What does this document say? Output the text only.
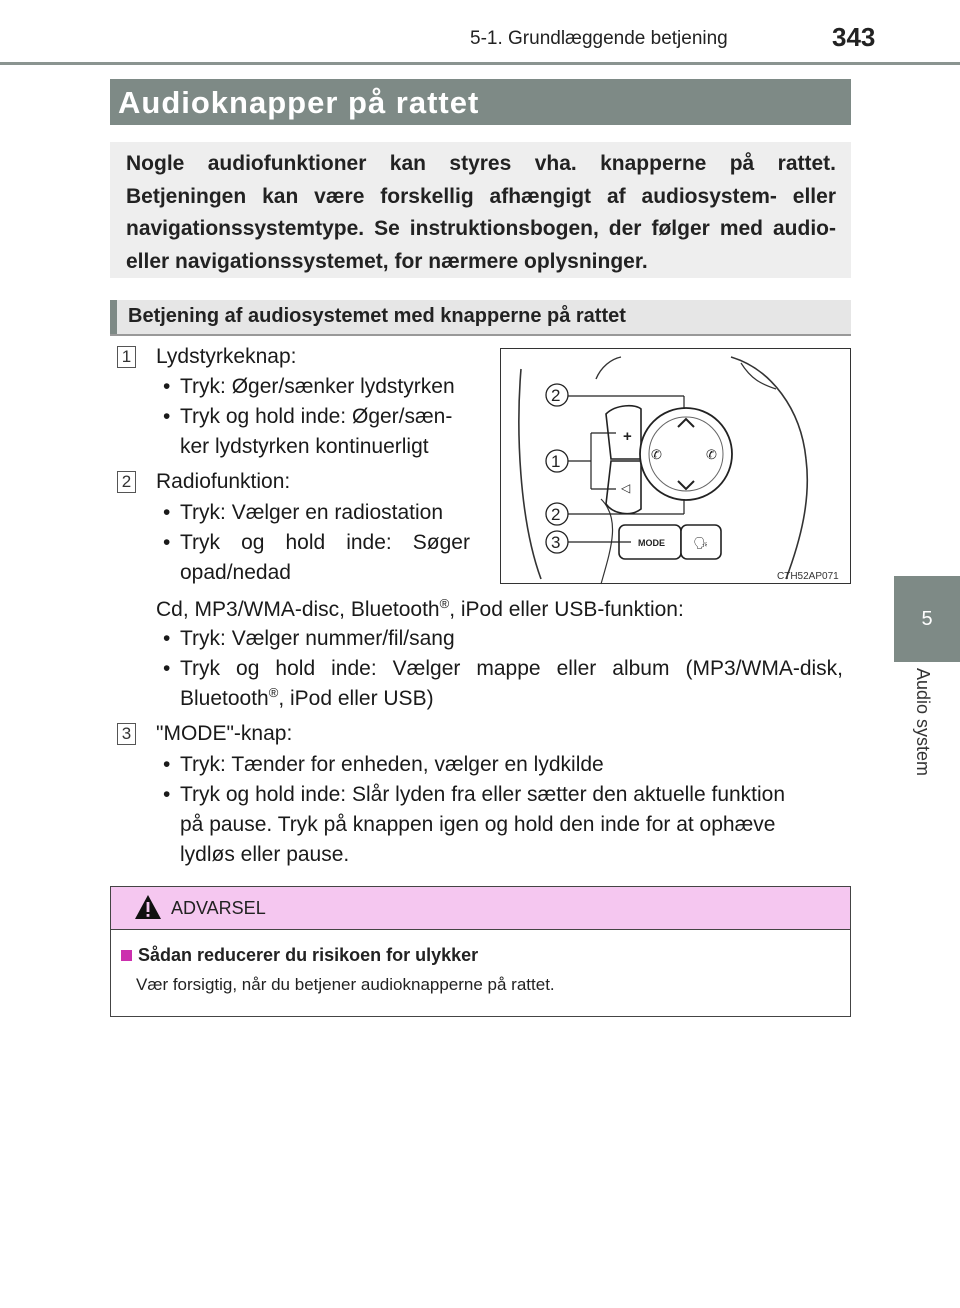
5-1. Grundlæggende betjening	343
5
Audio system
Audioknapper på rattet

Nogle audiofunktioner kan styres vha. knapperne på rattet. Betjeningen kan være forskellig afhængigt af audiosystem- eller navigationssystemtype. Se instruktionsbogen, der følger med audio- eller navigationssystemet, for nærmere oplysninger.

Betjening af audiosystemet med knapperne på rattet
1 Lydstyrkeknap:
• Tryk: Øger/sænker lydstyrken
• Tryk og hold inde: Øger/sæn-
ker lydstyrken kontinuerligt
2 Radiofunktion:
• Tryk: Vælger en radiostation
• Tryk og hold inde: Søger
opad/nedad
Cd, MP3/WMA-disc, Bluetooth®, iPod eller USB-funktion:
• Tryk: Vælger nummer/fil/sang
• Tryk og hold inde: Vælger mappe eller album (MP3/WMA-disk,
Bluetooth®, iPod eller USB)
3 "MODE"-knap:
• Tryk: Tænder for enheden, vælger en lydkilde
• Tryk og hold inde: Slår lyden fra eller sætter den aktuelle funktion
på pause. Tryk på knappen igen og hold den inde for at ophæve
lydløs eller pause.
+
◁
✆	✆
MODE 🗣
2
1
2
3
CTH52AP071
ADVARSEL
Sådan reducerer du risikoen for ulykker
Vær forsigtig, når du betjener audioknapperne på rattet.
